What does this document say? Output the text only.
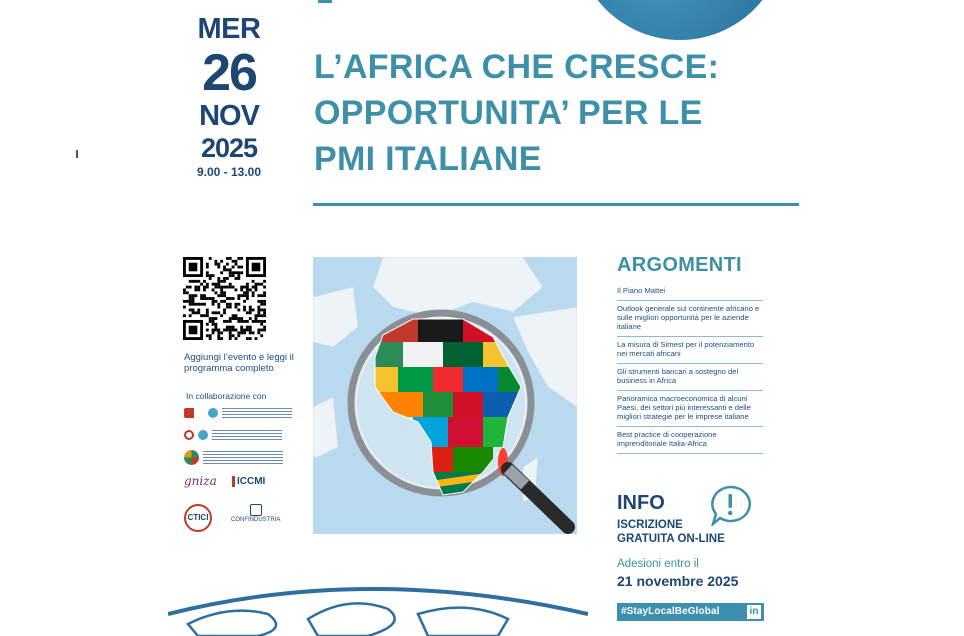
MER
26
NOV
2025
9.00 - 13.00
L’AFRICA CHE CRESCE:
OPPORTUNITA’ PER LE
PMI ITALIANE
Aggiungi l’evento e leggi il programma completo
In collaborazione con
gniza	ICCMI
CTICI	CONFINDUSTRIA
ARGOMENTI
Il Piano Mattei
Outlook generale sul continente africano e sulle migliori opportunità per le aziende italiane
La misura di Simest per il potenziamento nei mercati africani
Gli strumenti bancari a sostegno del business in Africa
Panoramica macroeconomica di alcuni Paesi, dei settori più interessanti e delle migliori strategie per le imprese italiane
Best practice di cooperazione imprenditoriale Italia-Africa
INFO
ISCRIZIONE
GRATUITA ON-LINE
Adesioni entro il
21 novembre 2025
#StayLocalBeGlobal	in
